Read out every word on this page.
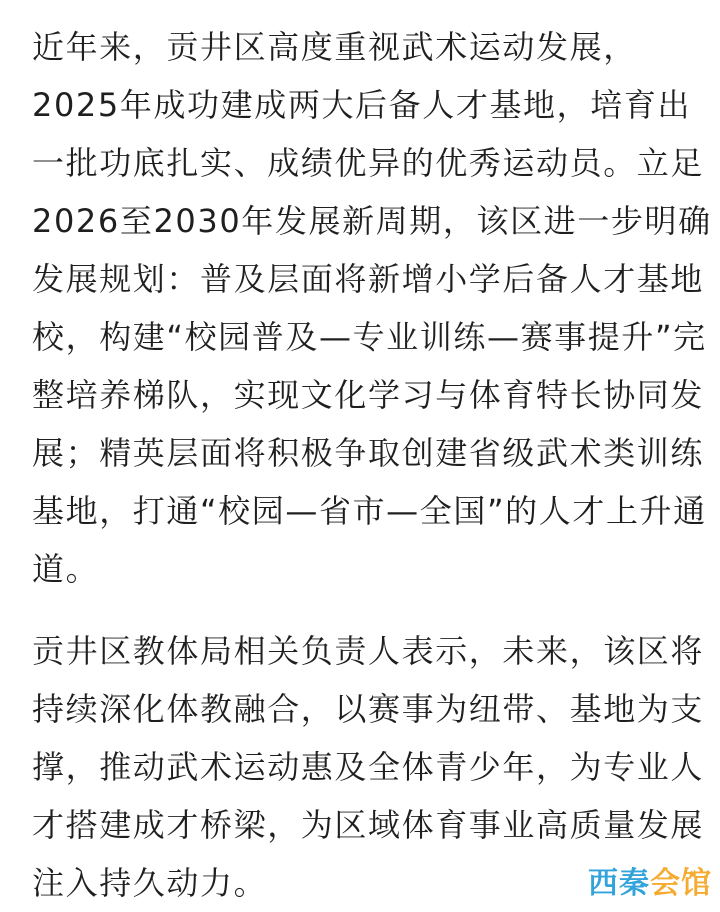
近年来，贡井区高度重视武术运动发展，
2025年成功建成两大后备人才基地，培育出
一批功底扎实、成绩优异的优秀运动员。立足
2026至2030年发展新周期，该区进一步明确
发展规划：普及层面将新增小学后备人才基地
校，构建“校园普及—专业训练—赛事提升”完
整培养梯队，实现文化学习与体育特长协同发
展；精英层面将积极争取创建省级武术类训练
基地，打通“校园—省市—全国”的人才上升通
道。

贡井区教体局相关负责人表示，未来，该区将
持续深化体教融合，以赛事为纽带、基地为支
撑，推动武术运动惠及全体青少年，为专业人
才搭建成才桥梁，为区域体育事业高质量发展
注入持久动力。	西秦会馆
